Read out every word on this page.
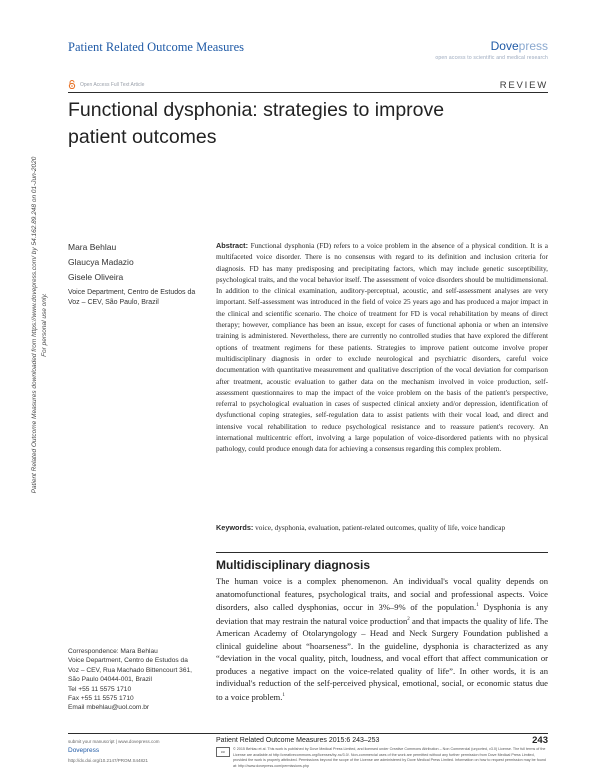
Patient Related Outcome Measures	Dovepress
open access to scientific and medical research
Open Access Full Text Article	REVIEW
Functional dysphonia: strategies to improve patient outcomes
Patient Related Outcome Measures downloaded from https://www.dovepress.com/ by 54.162.89.248 on 01-Jun-2020 For personal use only.
Mara Behlau
Glaucya Madazio
Gisele Oliveira
Voice Department, Centro de Estudos da Voz – CEV, São Paulo, Brazil
Abstract: Functional dysphonia (FD) refers to a voice problem in the absence of a physical condition. It is a multifaceted voice disorder. There is no consensus with regard to its definition and inclusion criteria for diagnosis. FD has many predisposing and precipitating factors, which may include genetic susceptibility, psychological traits, and the vocal behavior itself. The assessment of voice disorders should be multidimensional. In addition to the clinical examination, auditory-perceptual, acoustic, and self-assessment analyses are very important. Self-assessment was introduced in the field of voice 25 years ago and has produced a major impact in the clinical and scientific scenario. The choice of treatment for FD is vocal rehabilitation by means of direct therapy; however, compliance has been an issue, except for cases of functional aphonia or when an intensive training is administered. Nevertheless, there are currently no controlled studies that have explored the different options of treatment regimens for these patients. Strategies to improve patient outcome involve proper multidisciplinary diagnosis in order to exclude neurological and psychiatric disorders, careful voice documentation with quantitative measurement and qualitative description of the vocal deviation for comparison after treatment, acoustic evaluation to gather data on the mechanism involved in voice production, self-assessment questionnaires to map the impact of the voice problem on the basis of the patient's perspective, referral to psychological evaluation in cases of suspected clinical anxiety and/or depression, identification of dysfunctional coping strategies, self-regulation data to assist patients with their vocal load, and direct and intensive vocal rehabilitation to reduce psychological resistance and to reassure patient's recovery. An international multicentric effort, involving a large population of voice-disordered patients with no physical pathology, could produce enough data for achieving a consensus regarding this complex problem.
Keywords: voice, dysphonia, evaluation, patient-related outcomes, quality of life, voice handicap
Multidisciplinary diagnosis
The human voice is a complex phenomenon. An individual's vocal quality depends on anatomofunctional features, psychological traits, and social and professional aspects. Voice disorders, also called dysphonias, occur in 3%–9% of the population.$^1$ Dysphonia is any deviation that may restrain the natural voice production$^2$ and that impacts the quality of life. The American Academy of Otolaryngology – Head and Neck Surgery Foundation published a clinical guideline about “hoarseness”. In the guideline, dysphonia is characterized as any “deviation in the vocal quality, pitch, loudness, and vocal effort that affect communication or produces a negative impact on the voice-related quality of life”. In other words, it is an individual's reduction of the self-perceived physical, emotional, social, or economic status due to a voice problem.$^1$
Correspondence: Mara Behlau
Voice Department, Centro de Estudos da Voz – CEV, Rua Machado Bittencourt 361, São Paulo 04044-001, Brazil
Tel +55 11 5575 1710
Fax +55 11 5575 1710
Email mbehlau@uol.com.br
submit your manuscript | www.dovepress.com
Dovepress
http://dx.doi.org/10.2147/PROM.S44821
Patient Related Outcome Measures 2015:6 243–253	243
cc	© 2015 Behlau et al. This work is published by Dove Medical Press Limited, and licensed under Creative Commons Attribution – Non Commercial (unported, v3.0) License. The full terms of the License are available at http://creativecommons.org/licenses/by-nc/3.0/. Non-commercial uses of the work are permitted without any further permission from Dove Medical Press Limited, provided the work is properly attributed. Permissions beyond the scope of the License are administered by Dove Medical Press Limited. Information on how to request permission may be found at: http://www.dovepress.com/permissions.php
